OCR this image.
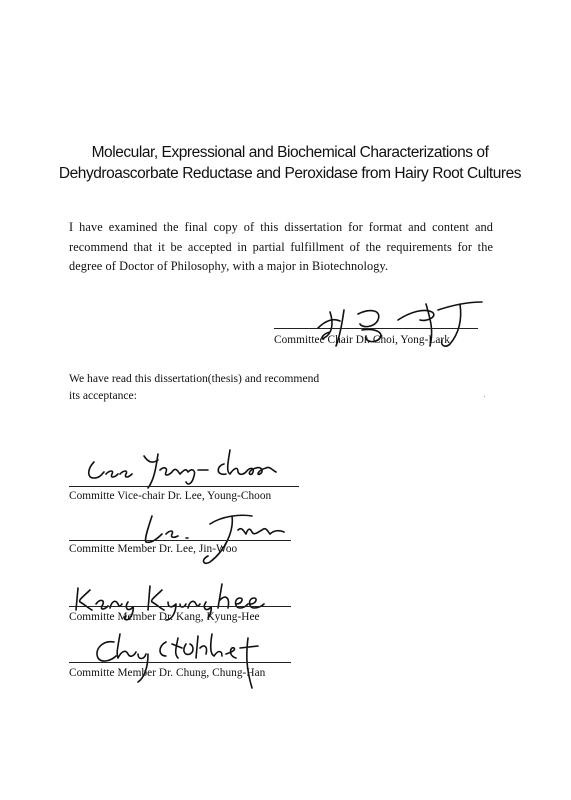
Molecular, Expressional and Biochemical Characterizations of
Dehydroascorbate Reductase and Peroxidase from Hairy Root Cultures
I have examined the final copy of this dissertation for format and content and
recommend that it be accepted in partial fulfillment of the requirements for the
degree of Doctor of Philosophy, with a major in Biotechnology.
Committee Chair Dr. Choi, Yong-Lark
We have read this dissertation(thesis) and recommend
its acceptance:
Committe Vice-chair Dr. Lee, Young-Choon
Committe Member Dr. Lee, Jin-Woo
Committe Member Dr. Kang, Kyung-Hee
Committe Member Dr. Chung, Chung-Han
